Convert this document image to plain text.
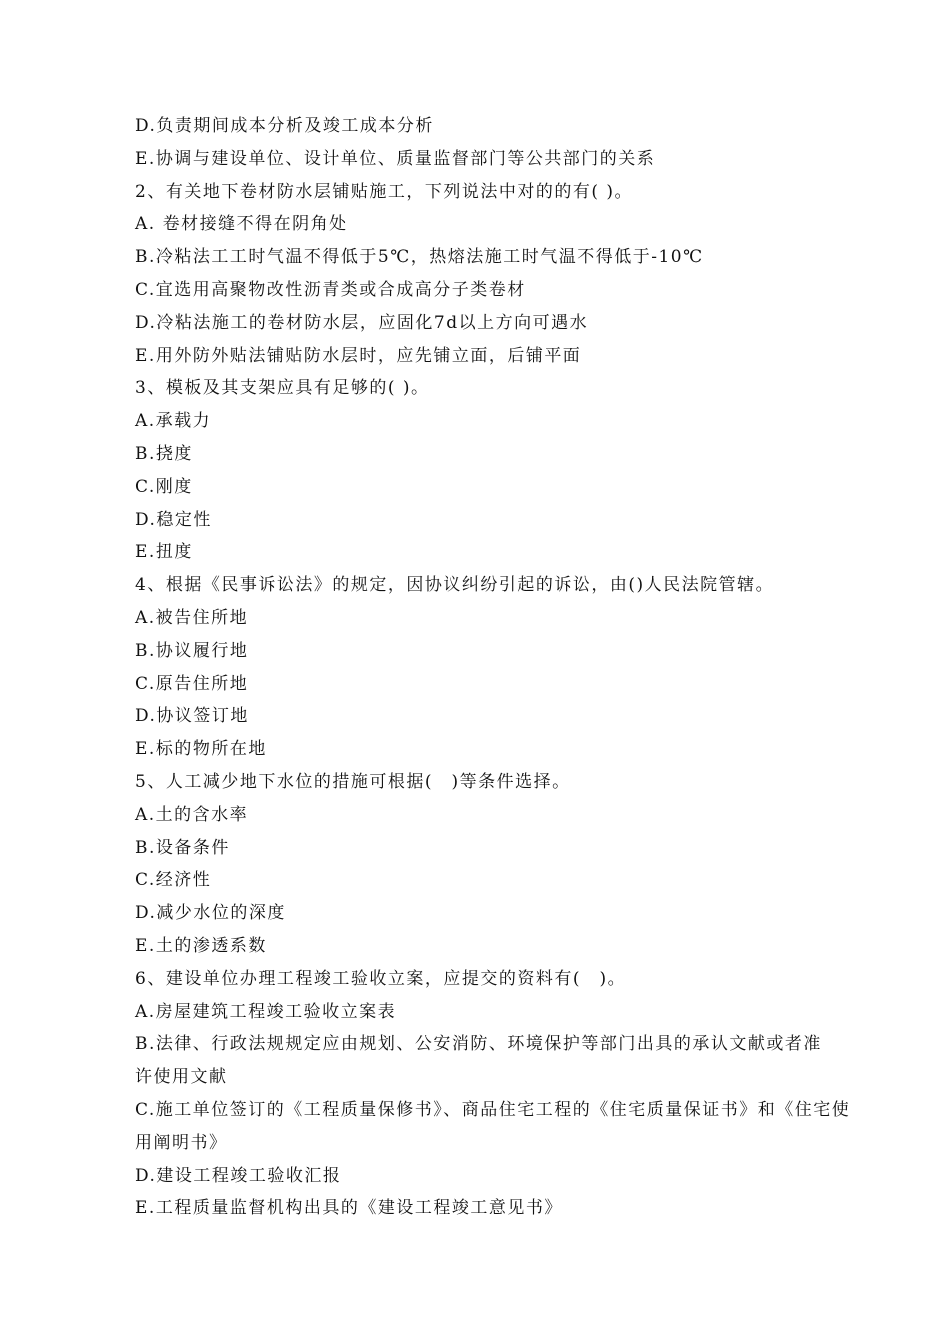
D.负责期间成本分析及竣工成本分析

E.协调与建设单位、设计单位、质量监督部门等公共部门的关系

2、有关地下卷材防水层铺贴施工，下列说法中对的的有( )。

A. 卷材接缝不得在阴角处

B.冷粘法工工时气温不得低于5℃，热熔法施工时气温不得低于-10℃

C.宜选用高聚物改性沥青类或合成高分子类卷材

D.冷粘法施工的卷材防水层，应固化7d以上方向可遇水

E.用外防外贴法铺贴防水层时，应先铺立面，后铺平面

3、模板及其支架应具有足够的( )。

A.承载力

B.挠度

C.刚度

D.稳定性

E.扭度

4、根据《民事诉讼法》的规定，因协议纠纷引起的诉讼，由()人民法院管辖。

A.被告住所地

B.协议履行地

C.原告住所地

D.协议签订地

E.标的物所在地

5、人工减少地下水位的措施可根据(　)等条件选择。

A.土的含水率

B.设备条件

C.经济性

D.减少水位的深度

E.土的渗透系数

6、建设单位办理工程竣工验收立案，应提交的资料有(　)。

A.房屋建筑工程竣工验收立案表

B.法律、行政法规规定应由规划、公安消防、环境保护等部门出具的承认文献或者准

许使用文献

C.施工单位签订的《工程质量保修书》、商品住宅工程的《住宅质量保证书》和《住宅使

用阐明书》

D.建设工程竣工验收汇报

E.工程质量监督机构出具的《建设工程竣工意见书》
